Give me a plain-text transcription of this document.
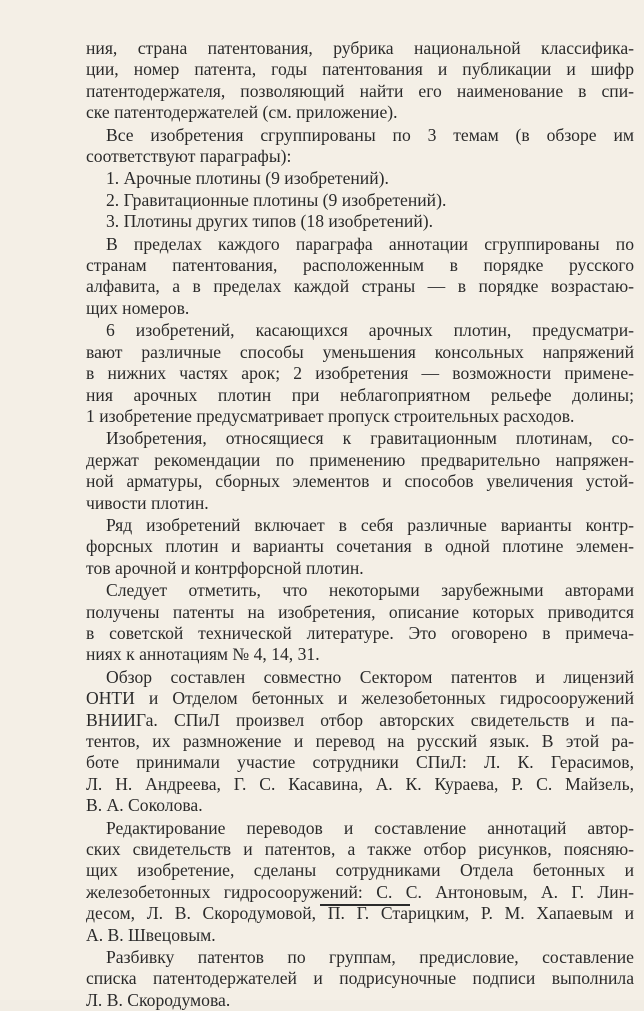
ния, страна патентования, рубрика национальной классифика-
ции, номер патента, годы патентования и публикации и шифр
патентодержателя, позволяющий найти его наименование в спи-
ске патентодержателей (см. приложение).
Все изобретения сгруппированы по 3 темам (в обзоре им
соответствуют параграфы):
1. Арочные плотины (9 изобретений).
2. Гравитационные плотины (9 изобретений).
3. Плотины других типов (18 изобретений).
В пределах каждого параграфа аннотации сгруппированы по
странам патентования, расположенным в порядке русского
алфавита, а в пределах каждой страны — в порядке возрастаю-
щих номеров.
6 изобретений, касающихся арочных плотин, предусматри-
вают различные способы уменьшения консольных напряжений
в нижних частях арок; 2 изобретения — возможности примене-
ния арочных плотин при неблагоприятном рельефе долины;
1 изобретение предусматривает пропуск строительных расходов.
Изобретения, относящиеся к гравитационным плотинам, со-
держат рекомендации по применению предварительно напряжен-
ной арматуры, сборных элементов и способов увеличения устой-
чивости плотин.
Ряд изобретений включает в себя различные варианты контр-
форсных плотин и варианты сочетания в одной плотине элемен-
тов арочной и контрфорсной плотин.
Следует отметить, что некоторыми зарубежными авторами
получены патенты на изобретения, описание которых приводится
в советской технической литературе. Это оговорено в примеча-
ниях к аннотациям № 4, 14, 31.
Обзор составлен совместно Сектором патентов и лицензий
ОНТИ и Отделом бетонных и железобетонных гидросооружений
ВНИИГа. СПиЛ произвел отбор авторских свидетельств и па-
тентов, их размножение и перевод на русский язык. В этой ра-
боте принимали участие сотрудники СПиЛ: Л. К. Герасимов,
Л. Н. Андреева, Г. С. Касавина, А. К. Кураева, Р. С. Майзель,
В. А. Соколова.
Редактирование переводов и составление аннотаций автор-
ских свидетельств и патентов, а также отбор рисунков, поясняю-
щих изобретение, сделаны сотрудниками Отдела бетонных и
железобетонных гидросооружений: С. С. Антоновым, А. Г. Лин-
десом, Л. В. Скородумовой, П. Г. Старицким, Р. М. Хапаевым и
А. В. Швецовым.
Разбивку патентов по группам, предисловие, составление
списка патентодержателей и подрисуночные подписи выполнила
Л. В. Скородумова.
